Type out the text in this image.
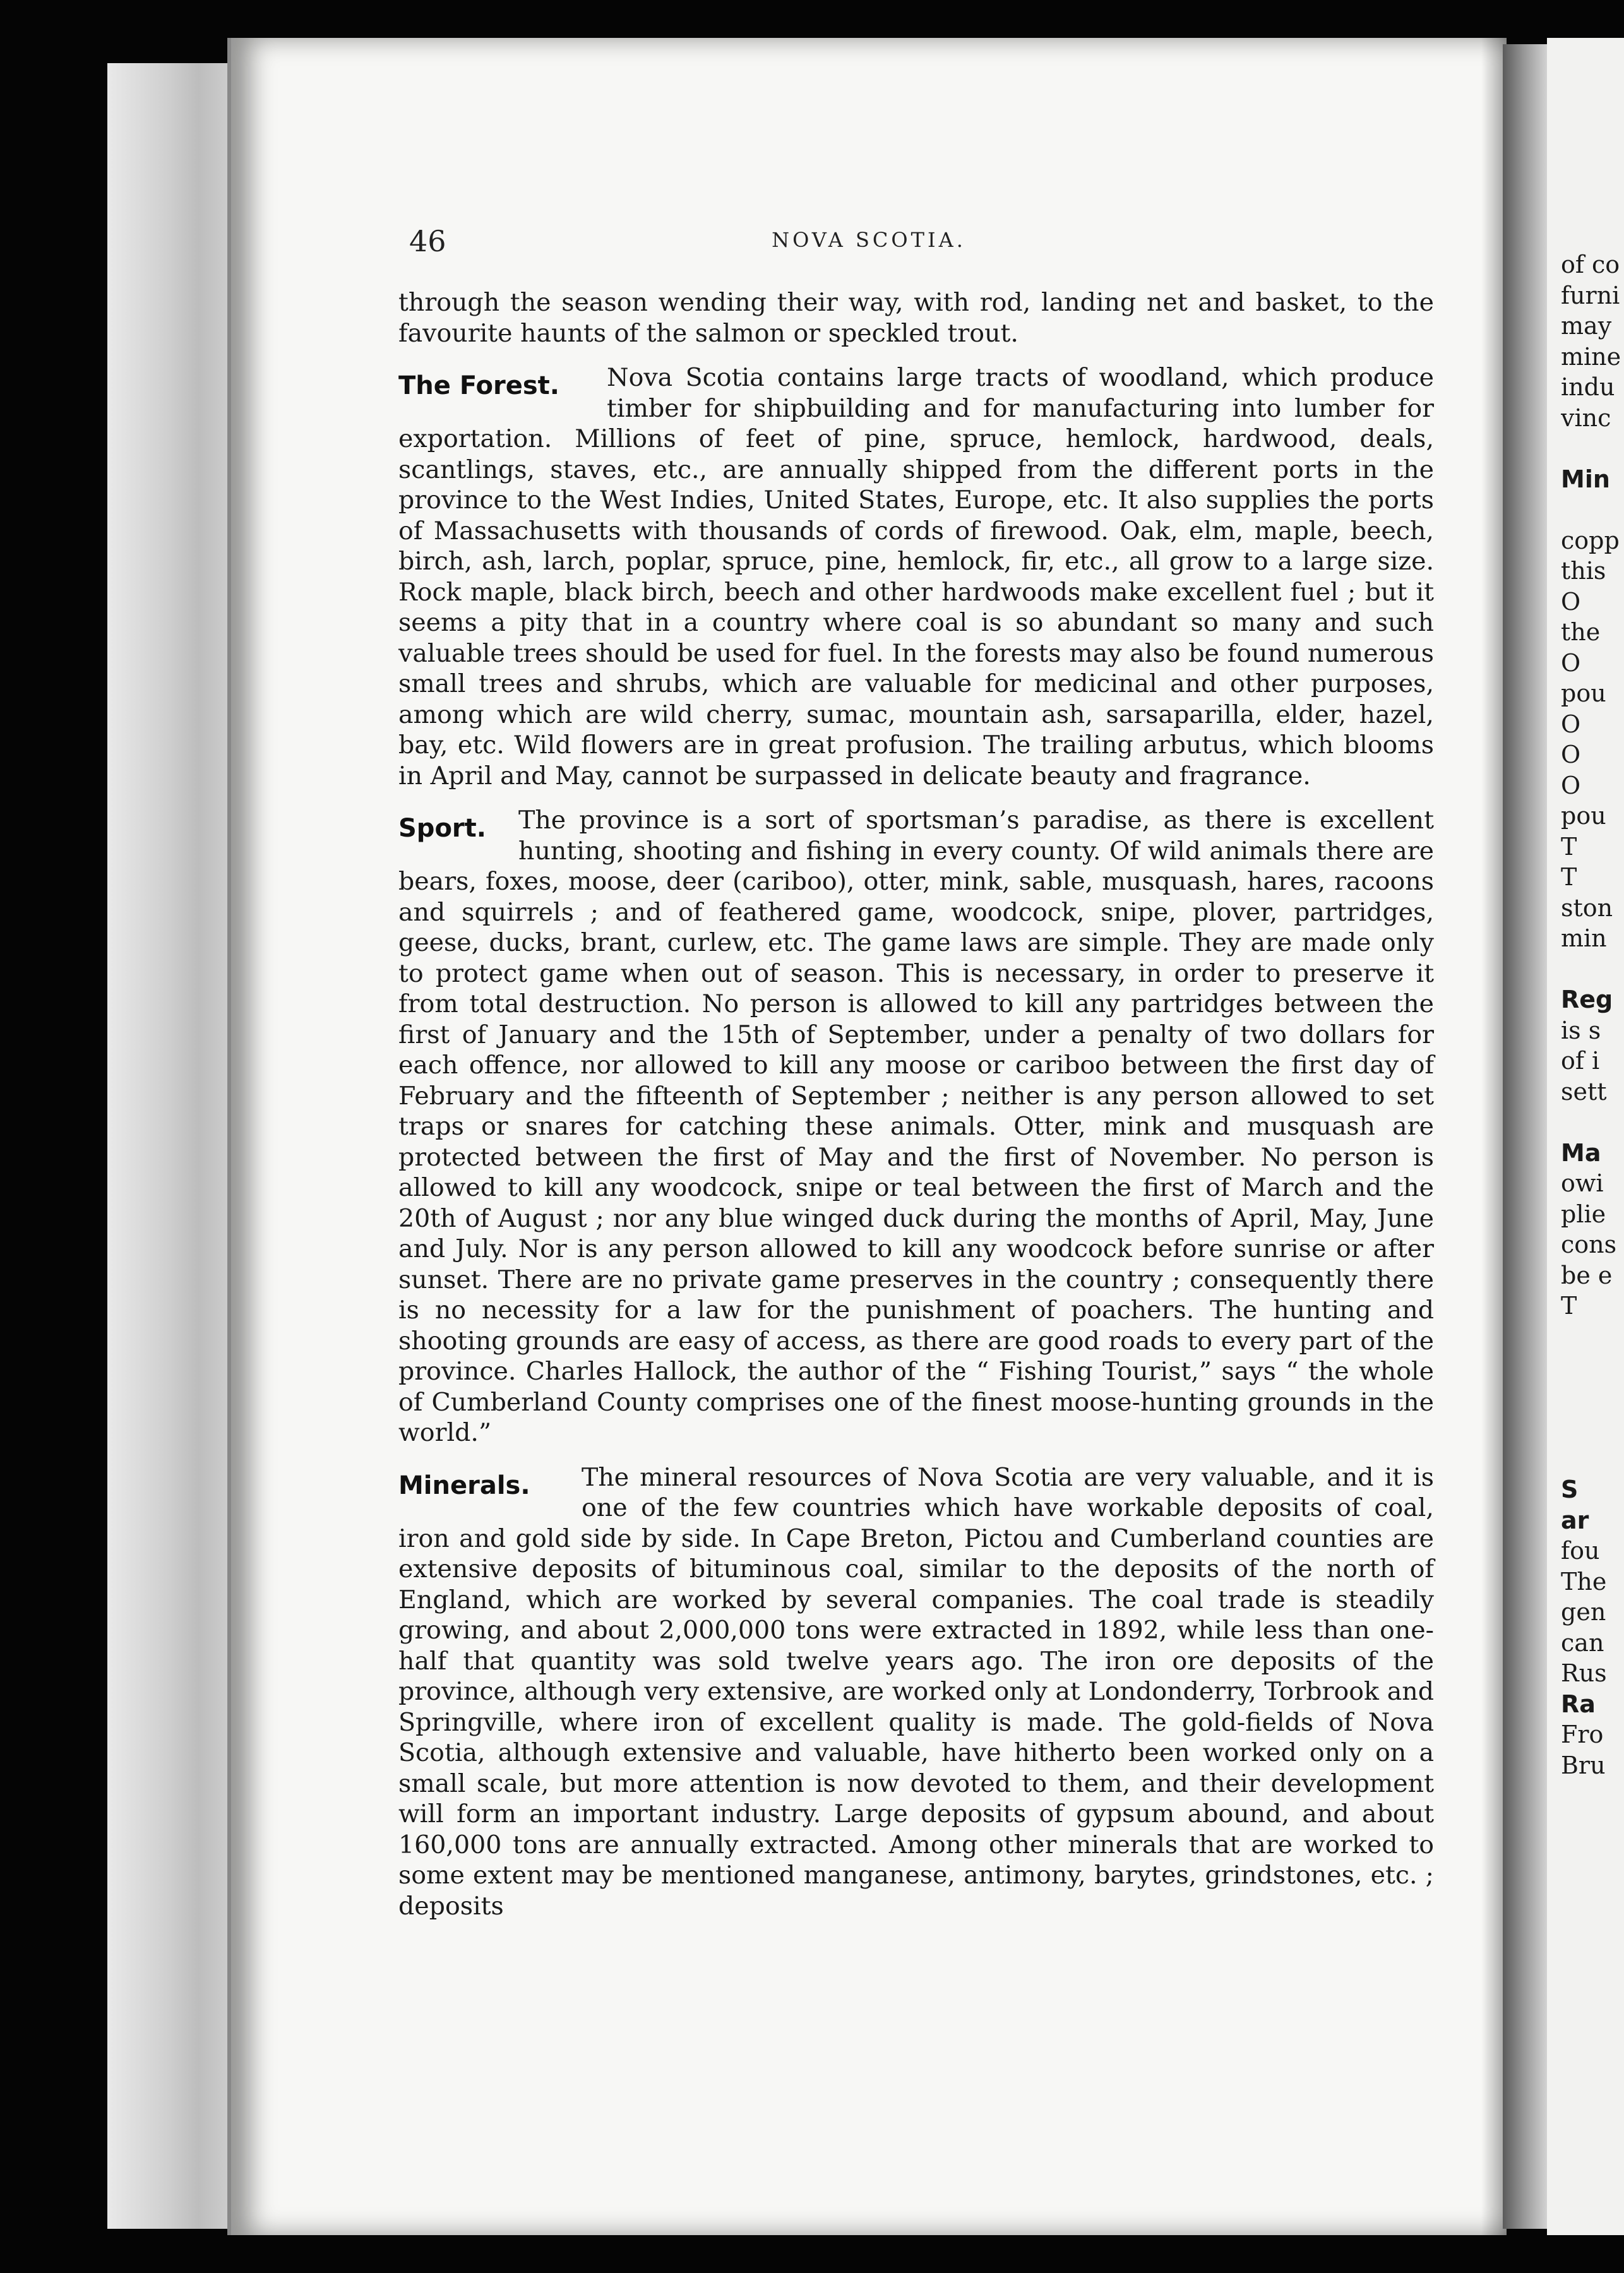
46	NOVA SCOTIA.

through the season wending their way, with rod, landing net and basket, to the favourite haunts of the salmon or speckled trout.

The Forest.	Nova Scotia contains large tracts of woodland, which produce timber for shipbuilding and for manufacturing into lumber for exportation. Millions of feet of pine, spruce, hemlock, hardwood, deals, scantlings, staves, etc., are annually shipped from the different ports in the province to the West Indies, United States, Europe, etc. It also supplies the ports of Massachusetts with thousands of cords of firewood. Oak, elm, maple, beech, birch, ash, larch, poplar, spruce, pine, hemlock, fir, etc., all grow to a large size. Rock maple, black birch, beech and other hardwoods make excellent fuel ; but it seems a pity that in a country where coal is so abundant so many and such valuable trees should be used for fuel. In the forests may also be found numerous small trees and shrubs, which are valuable for medicinal and other purposes, among which are wild cherry, sumac, mountain ash, sarsaparilla, elder, hazel, bay, etc. Wild flowers are in great profusion. The trailing arbutus, which blooms in April and May, cannot be surpassed in delicate beauty and fragrance.

Sport.	The province is a sort of sportsman’s paradise, as there is excellent hunting, shooting and fishing in every county. Of wild animals there are bears, foxes, moose, deer (cariboo), otter, mink, sable, musquash, hares, racoons and squirrels ; and of feathered game, woodcock, snipe, plover, partridges, geese, ducks, brant, curlew, etc. The game laws are simple. They are made only to protect game when out of season. This is necessary, in order to preserve it from total destruction. No person is allowed to kill any partridges between the first of January and the 15th of September, under a penalty of two dollars for each offence, nor allowed to kill any moose or cariboo between the first day of February and the fifteenth of September ; neither is any person allowed to set traps or snares for catching these animals. Otter, mink and musquash are protected between the first of May and the first of November. No person is allowed to kill any woodcock, snipe or teal between the first of March and the 20th of August ; nor any blue winged duck during the months of April, May, June and July. Nor is any person allowed to kill any woodcock before sunrise or after sunset. There are no private game preserves in the country ; consequently there is no necessity for a law for the punishment of poachers. The hunting and shooting grounds are easy of access, as there are good roads to every part of the province. Charles Hallock, the author of the “ Fishing Tourist,” says “ the whole of Cumberland County comprises one of the finest moose-hunting grounds in the world.”

Minerals.	The mineral resources of Nova Scotia are very valuable, and it is one of the few countries which have workable deposits of coal, iron and gold side by side. In Cape Breton, Pictou and Cumberland counties are extensive deposits of bituminous coal, similar to the deposits of the north of England, which are worked by several companies. The coal trade is steadily growing, and about 2,000,000 tons were extracted in 1892, while less than one-half that quantity was sold twelve years ago. The iron ore deposits of the province, although very extensive, are worked only at Londonderry, Torbrook and Springville, where iron of excellent quality is made. The gold-fields of Nova Scotia, although extensive and valuable, have hitherto been worked only on a small scale, but more attention is now devoted to them, and their development will form an important industry. Large deposits of gypsum abound, and about 160,000 tons are annually extracted. Among other minerals that are worked to some extent may be mentioned manganese, antimony, barytes, grindstones, etc. ; deposits

of co
furni
may
mine
indu
vinc
Min
copp
this
O
the
O
pou
O
O
O
pou
T
T
ston
min
Reg
is s
of i
sett
Ma
owi
plie
cons
be e
T
S
ar
fou
The
gen
can
Rus
Ra
Fro
Bru
